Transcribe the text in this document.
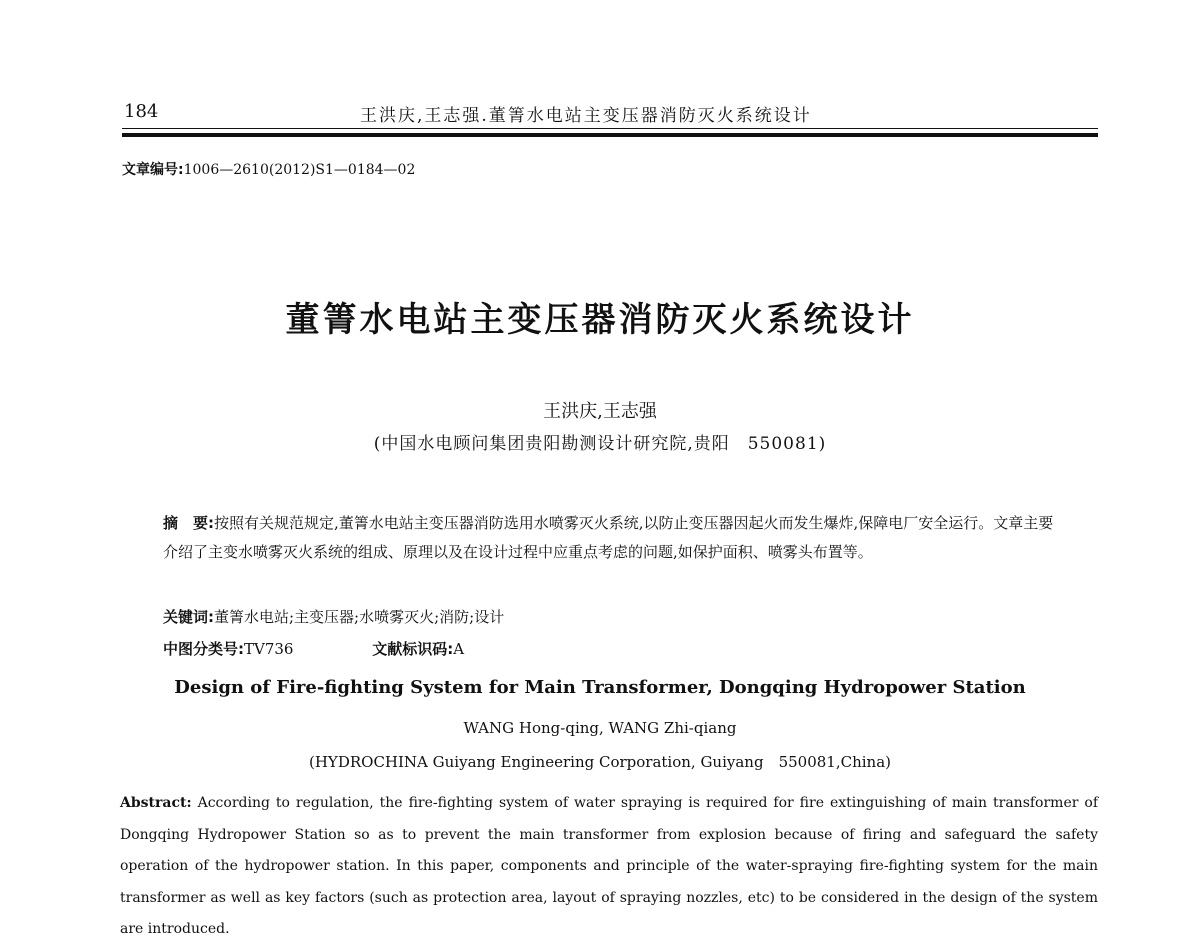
184	王洪庆,王志强.董箐水电站主变压器消防灭火系统设计
文章编号:1006—2610(2012)S1—0184—02
董箐水电站主变压器消防灭火系统设计
王洪庆,王志强
(中国水电顾问集团贵阳勘测设计研究院,贵阳　550081)
摘　要:按照有关规范规定,董箐水电站主变压器消防选用水喷雾灭火系统,以防止变压器因起火而发生爆炸,保障电厂安全运行。文章主要介绍了主变水喷雾灭火系统的组成、原理以及在设计过程中应重点考虑的问题,如保护面积、喷雾头布置等。
关键词:董箐水电站;主变压器;水喷雾灭火;消防;设计
中图分类号:TV736	文献标识码:A
Design of Fire-fighting System for Main Transformer, Dongqing Hydropower Station
WANG Hong-qing, WANG Zhi-qiang
(HYDROCHINA Guiyang Engineering Corporation, Guiyang　550081,China)
Abstract: According to regulation, the fire-fighting system of water spraying is required for fire extinguishing of main transformer of Dongqing Hydropower Station so as to prevent the main transformer from explosion because of firing and safeguard the safety operation of the hydropower station. In this paper, components and principle of the water-spraying fire-fighting system for the main transformer as well as key factors (such as protection area, layout of spraying nozzles, etc) to be considered in the design of the system are introduced.
